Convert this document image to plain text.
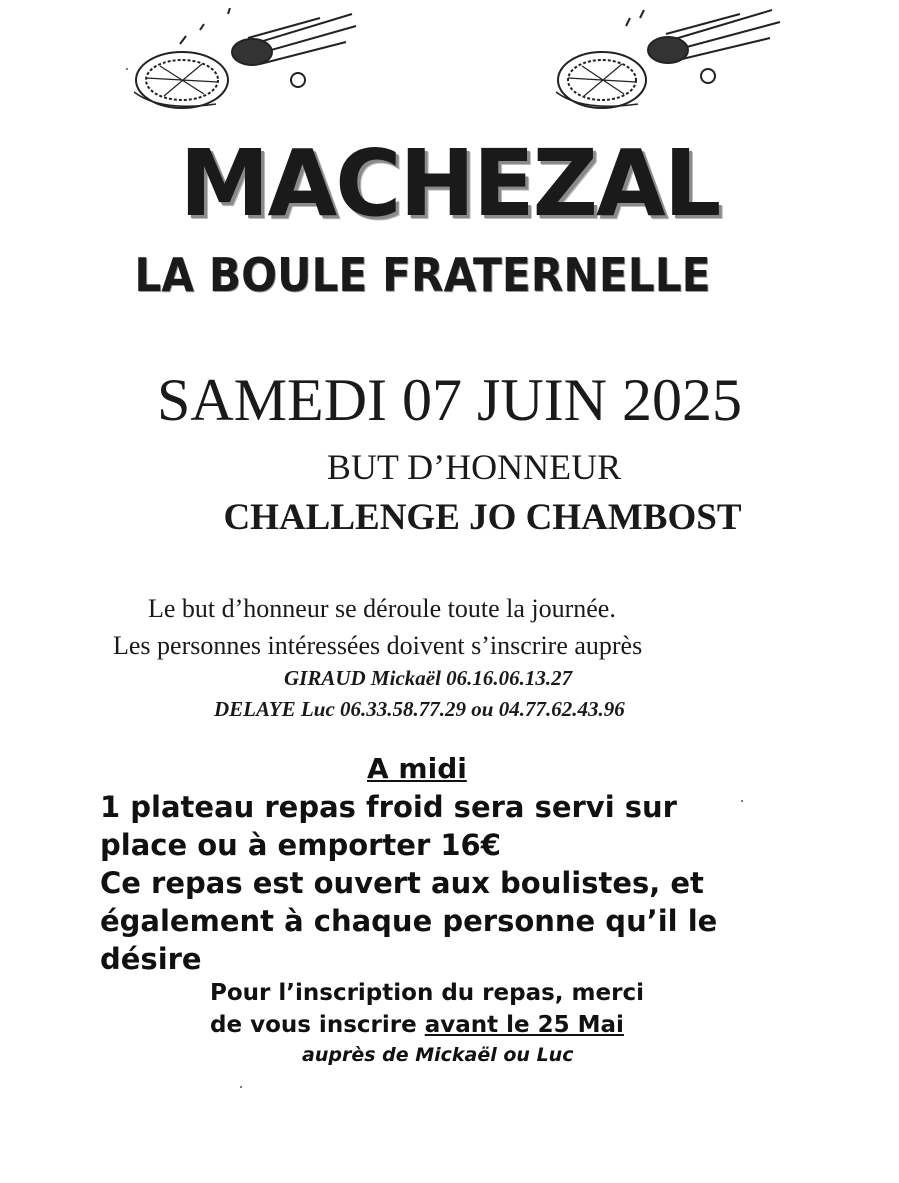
MACHEZAL
LA BOULE FRATERNELLE
SAMEDI 07 JUIN 2025
BUT D’HONNEUR
CHALLENGE JO CHAMBOST
Le but d’honneur se déroule toute la journée.
Les personnes intéressées doivent s’inscrire auprès
GIRAUD Mickaël 06.16.06.13.27
DELAYE Luc 06.33.58.77.29 ou 04.77.62.43.96
A midi
1 plateau repas froid sera servi sur
place ou à emporter 16€
Ce repas est ouvert aux boulistes, et
également à chaque personne qu’il le
désire
Pour l’inscription du repas, merci
de vous inscrire avant le 25 Mai
auprès de Mickaël ou Luc
